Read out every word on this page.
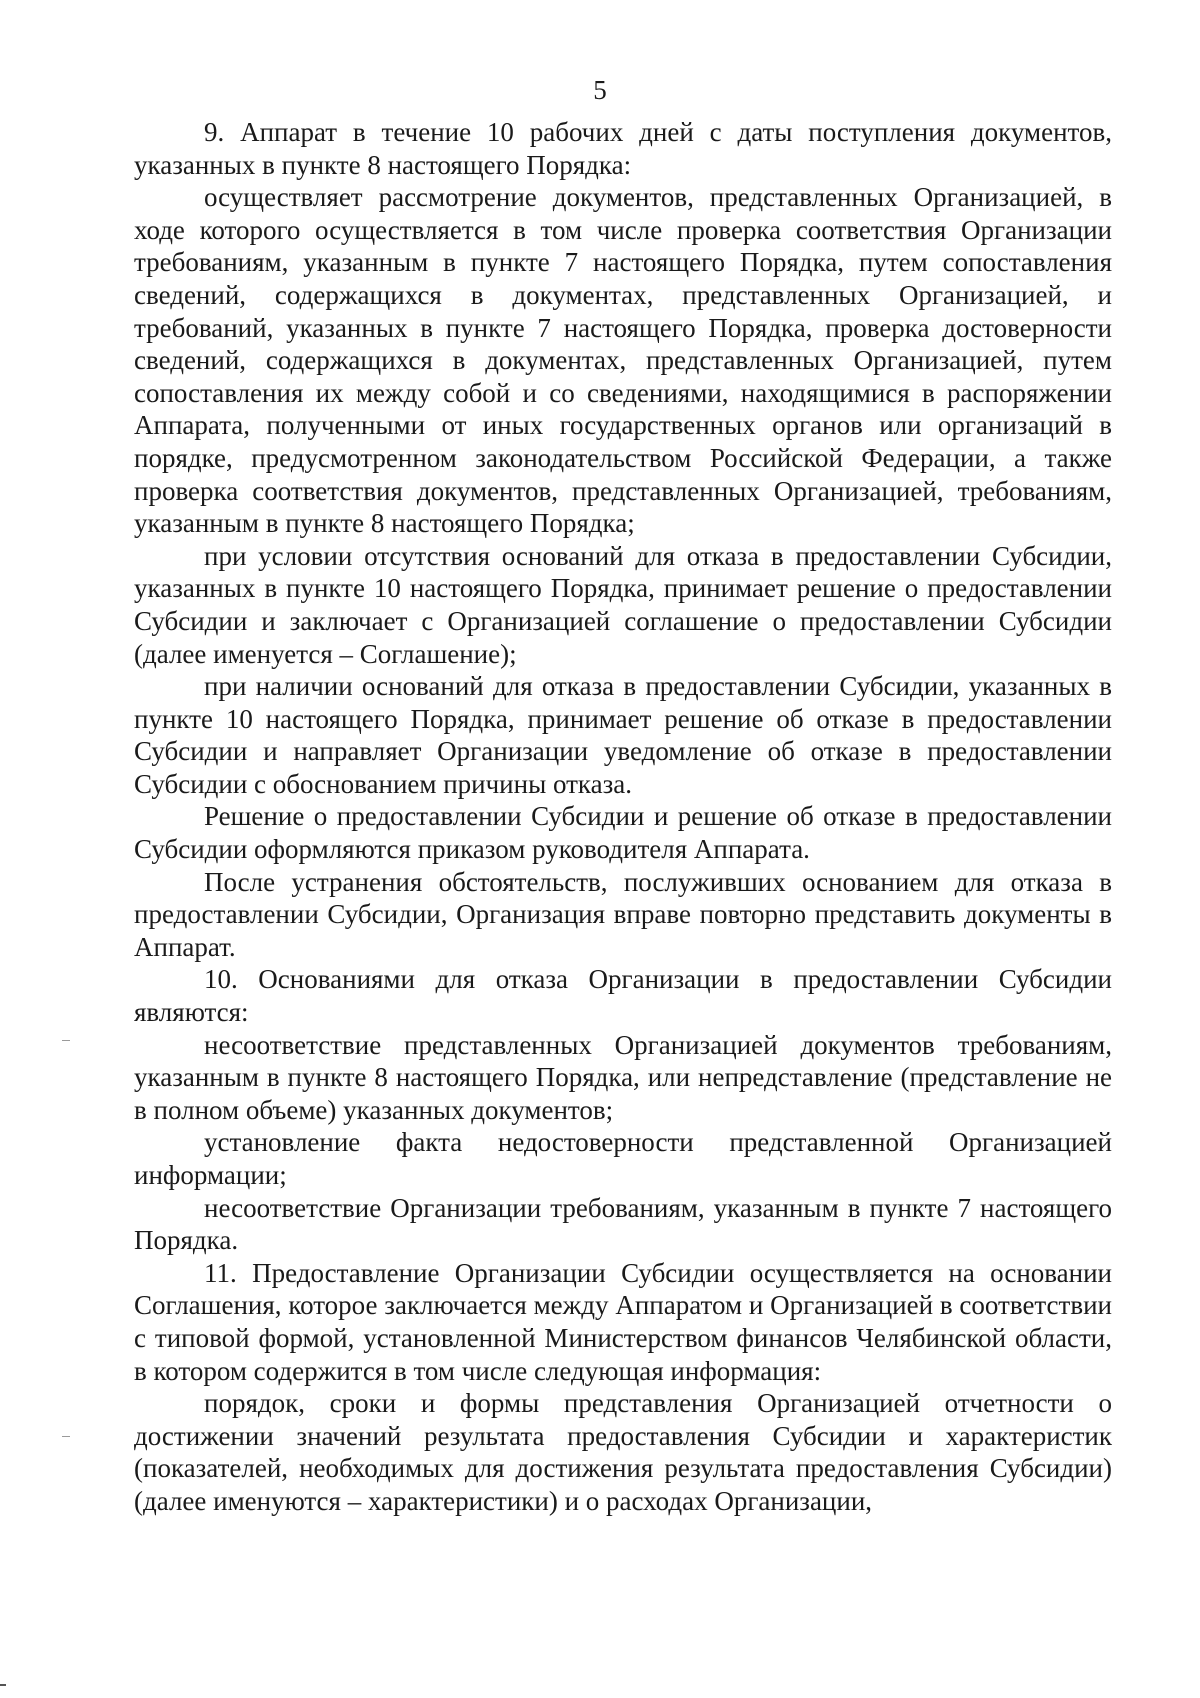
5

9. Аппарат в течение 10 рабочих дней с даты поступления документов, указанных в пункте 8 настоящего Порядка:

осуществляет рассмотрение документов, представленных Организацией, в ходе которого осуществляется в том числе проверка соответствия Организации требованиям, указанным в пункте 7 настоящего Порядка, путем сопоставления сведений, содержащихся в документах, представленных Организацией, и требований, указанных в пункте 7 настоящего Порядка, проверка достоверности сведений, содержащихся в документах, представленных Организацией, путем сопоставления их между собой и со сведениями, находящимися в распоряжении Аппарата, полученными от иных государственных органов или организаций в порядке, предусмотренном законодательством Российской Федерации, а также проверка соответствия документов, представленных Организацией, требованиям, указанным в пункте 8 настоящего Порядка;

при условии отсутствия оснований для отказа в предоставлении Субсидии, указанных в пункте 10 настоящего Порядка, принимает решение о предоставлении Субсидии и заключает с Организацией соглашение о предоставлении Субсидии (далее именуется – Соглашение);

при наличии оснований для отказа в предоставлении Субсидии, указанных в пункте 10 настоящего Порядка, принимает решение об отказе в предоставлении Субсидии и направляет Организации уведомление об отказе в предоставлении Субсидии с обоснованием причины отказа.

Решение о предоставлении Субсидии и решение об отказе в предоставлении Субсидии оформляются приказом руководителя Аппарата.

После устранения обстоятельств, послуживших основанием для отказа в предоставлении Субсидии, Организация вправе повторно представить документы в Аппарат.

10. Основаниями для отказа Организации в предоставлении Субсидии являются:

несоответствие представленных Организацией документов требованиям, указанным в пункте 8 настоящего Порядка, или непредставление (представление не в полном объеме) указанных документов;

установление факта недостоверности представленной Организацией информации;

несоответствие Организации требованиям, указанным в пункте 7 настоящего Порядка.

11. Предоставление Организации Субсидии осуществляется на основании Соглашения, которое заключается между Аппаратом и Организацией в соответствии с типовой формой, установленной Министерством финансов Челябинской области, в котором содержится в том числе следующая информация:

порядок, сроки и формы представления Организацией отчетности о достижении значений результата предоставления Субсидии и характеристик (показателей, необходимых для достижения результата предоставления Субсидии) (далее именуются – характеристики) и о расходах Организации,
